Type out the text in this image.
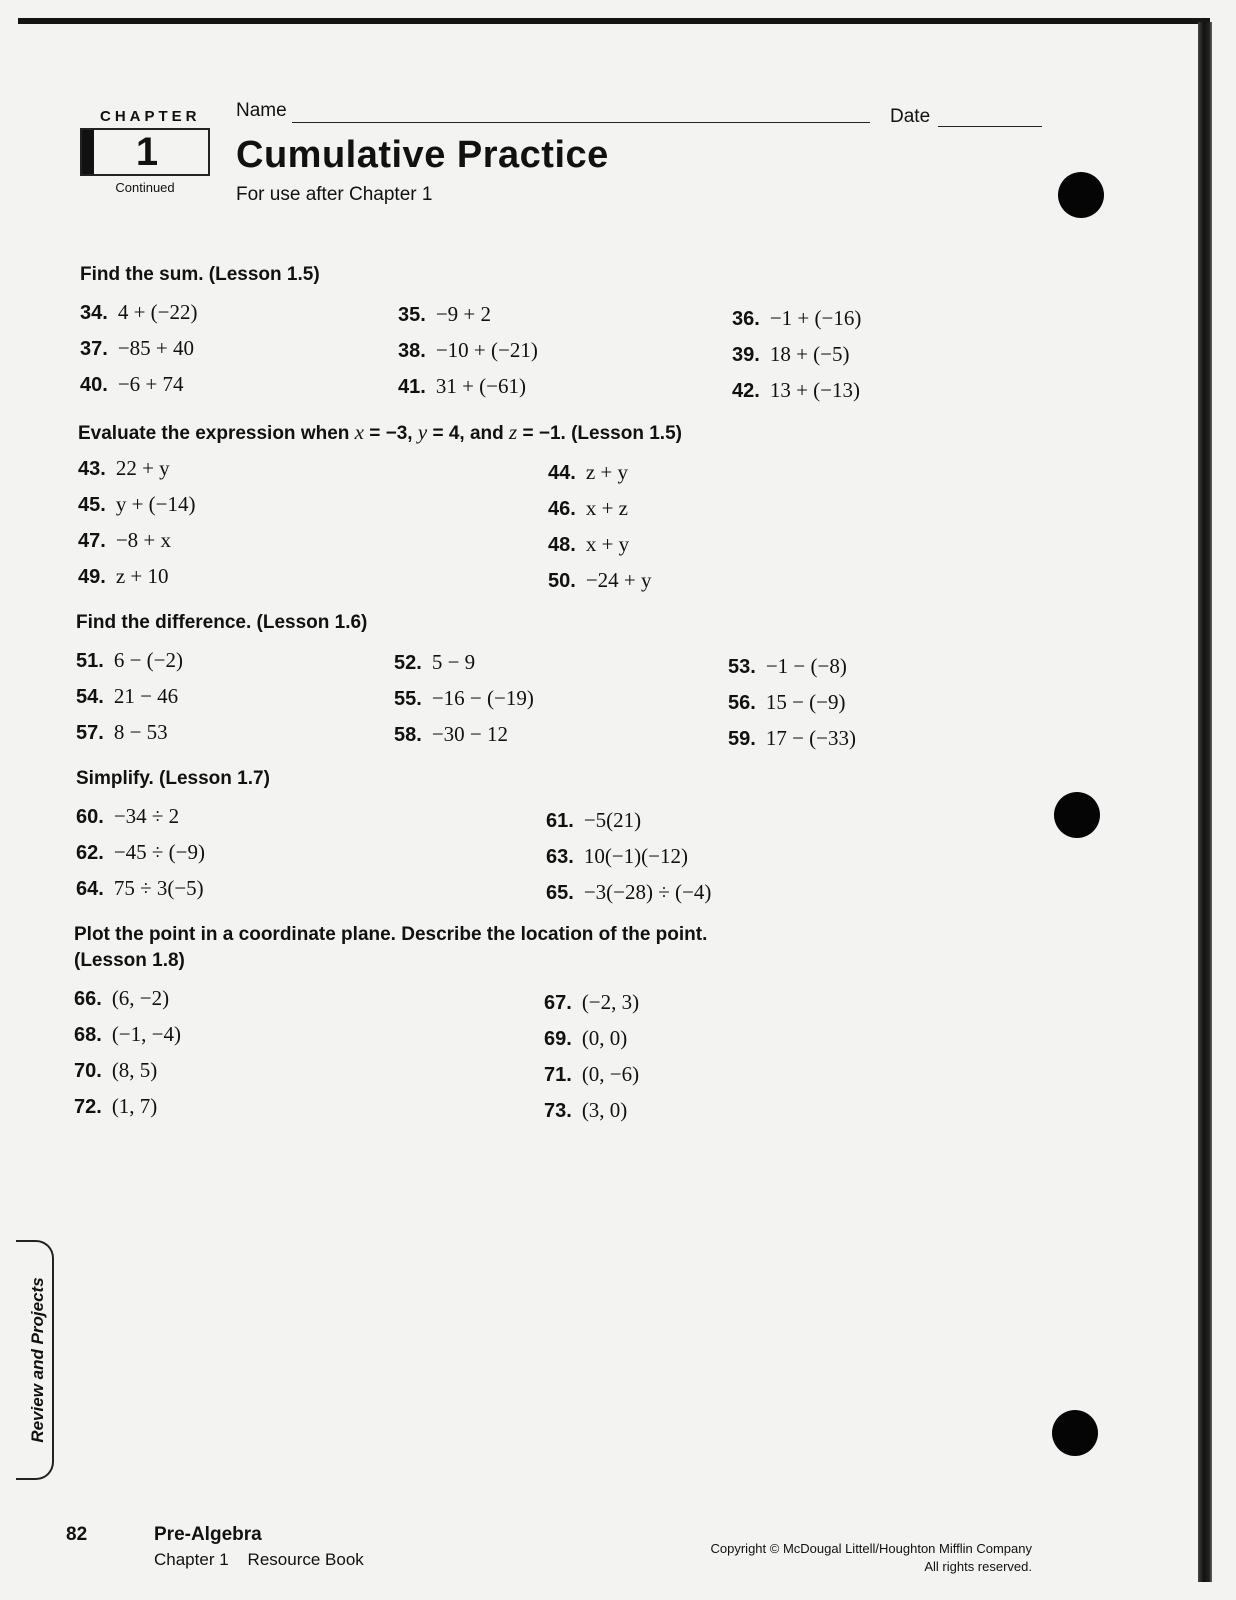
CHAPTER
1
Continued
Name	Date
Cumulative Practice
For use after Chapter 1
Find the sum. (Lesson 1.5)
34. 4 + (−22)	35. −9 + 2	36. −1 + (−16)
37. −85 + 40	38. −10 + (−21)	39. 18 + (−5)
40. −6 + 74	41. 31 + (−61)	42. 13 + (−13)
Evaluate the expression when x = −3, y = 4, and z = −1. (Lesson 1.5)
43. 22 + y	44. z + y
45. y + (−14)	46. x + z
47. −8 + x	48. x + y
49. z + 10	50. −24 + y
Find the difference. (Lesson 1.6)
51. 6 − (−2)	52. 5 − 9	53. −1 − (−8)
54. 21 − 46	55. −16 − (−19)	56. 15 − (−9)
57. 8 − 53	58. −30 − 12	59. 17 − (−33)
Simplify. (Lesson 1.7)
60. −34 ÷ 2	61. −5(21)
62. −45 ÷ (−9)	63. 10(−1)(−12)
64. 75 ÷ 3(−5)	65. −3(−28) ÷ (−4)
Plot the point in a coordinate plane. Describe the location of the point.
(Lesson 1.8)
66. (6, −2)	67. (−2, 3)
68. (−1, −4)	69. (0, 0)
70. (8, 5)	71. (0, −6)
72. (1, 7)	73. (3, 0)
Review and Projects
82	Pre-Algebra
Chapter 1    Resource Book
Copyright © McDougal Littell/Houghton Mifflin Company
All rights reserved.
